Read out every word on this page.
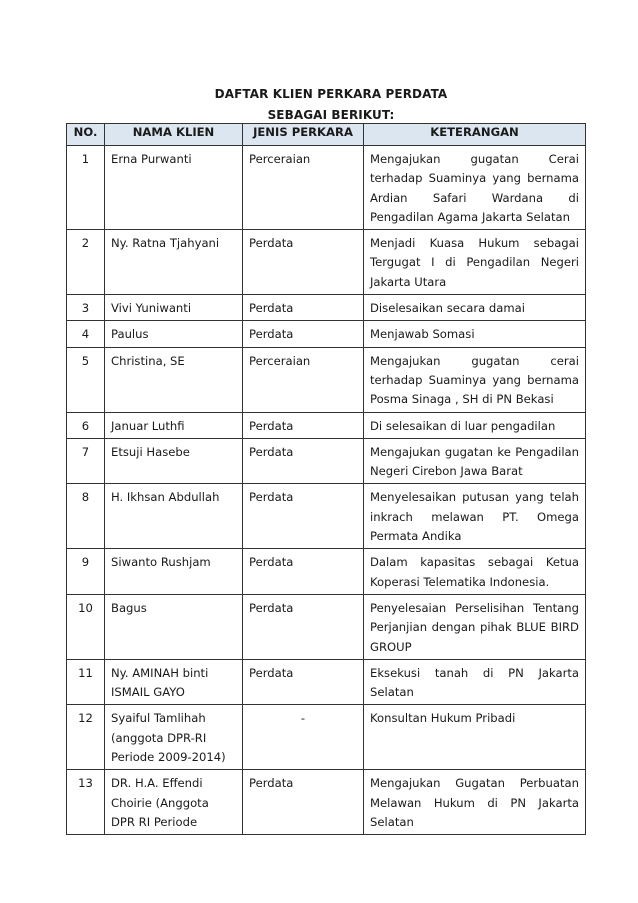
DAFTAR KLIEN PERKARA PERDATA
SEBAGAI BERIKUT:
NO.	NAMA KLIEN	JENIS PERKARA	KETERANGAN
1	Erna Purwanti	Perceraian	Mengajukan gugatan Cerai terhadap Suaminya yang bernama Ardian Safari Wardana di Pengadilan Agama Jakarta Selatan
2	Ny. Ratna Tjahyani	Perdata	Menjadi Kuasa Hukum sebagai Tergugat I di Pengadilan Negeri Jakarta Utara
3	Vivi Yuniwanti	Perdata	Diselesaikan secara damai
4	Paulus	Perdata	Menjawab Somasi
5	Christina, SE	Perceraian	Mengajukan gugatan cerai terhadap Suaminya yang bernama Posma Sinaga , SH di PN Bekasi
6	Januar Luthfi	Perdata	Di selesaikan di luar pengadilan
7	Etsuji Hasebe	Perdata	Mengajukan gugatan ke Pengadilan Negeri Cirebon Jawa Barat
8	H. Ikhsan Abdullah	Perdata	Menyelesaikan putusan yang telah inkrach melawan PT. Omega Permata Andika
9	Siwanto Rushjam	Perdata	Dalam kapasitas sebagai Ketua Koperasi Telematika Indonesia.
10	Bagus	Perdata	Penyelesaian Perselisihan Tentang Perjanjian dengan pihak BLUE BIRD GROUP
11	Ny. AMINAH binti ISMAIL GAYO	Perdata	Eksekusi tanah di PN Jakarta Selatan
12	Syaiful Tamlihah (anggota DPR-RI Periode 2009-2014)	-	Konsultan Hukum Pribadi
13	DR. H.A. Effendi Choirie (Anggota DPR RI Periode	Perdata	Mengajukan Gugatan Perbuatan Melawan Hukum di PN Jakarta Selatan
